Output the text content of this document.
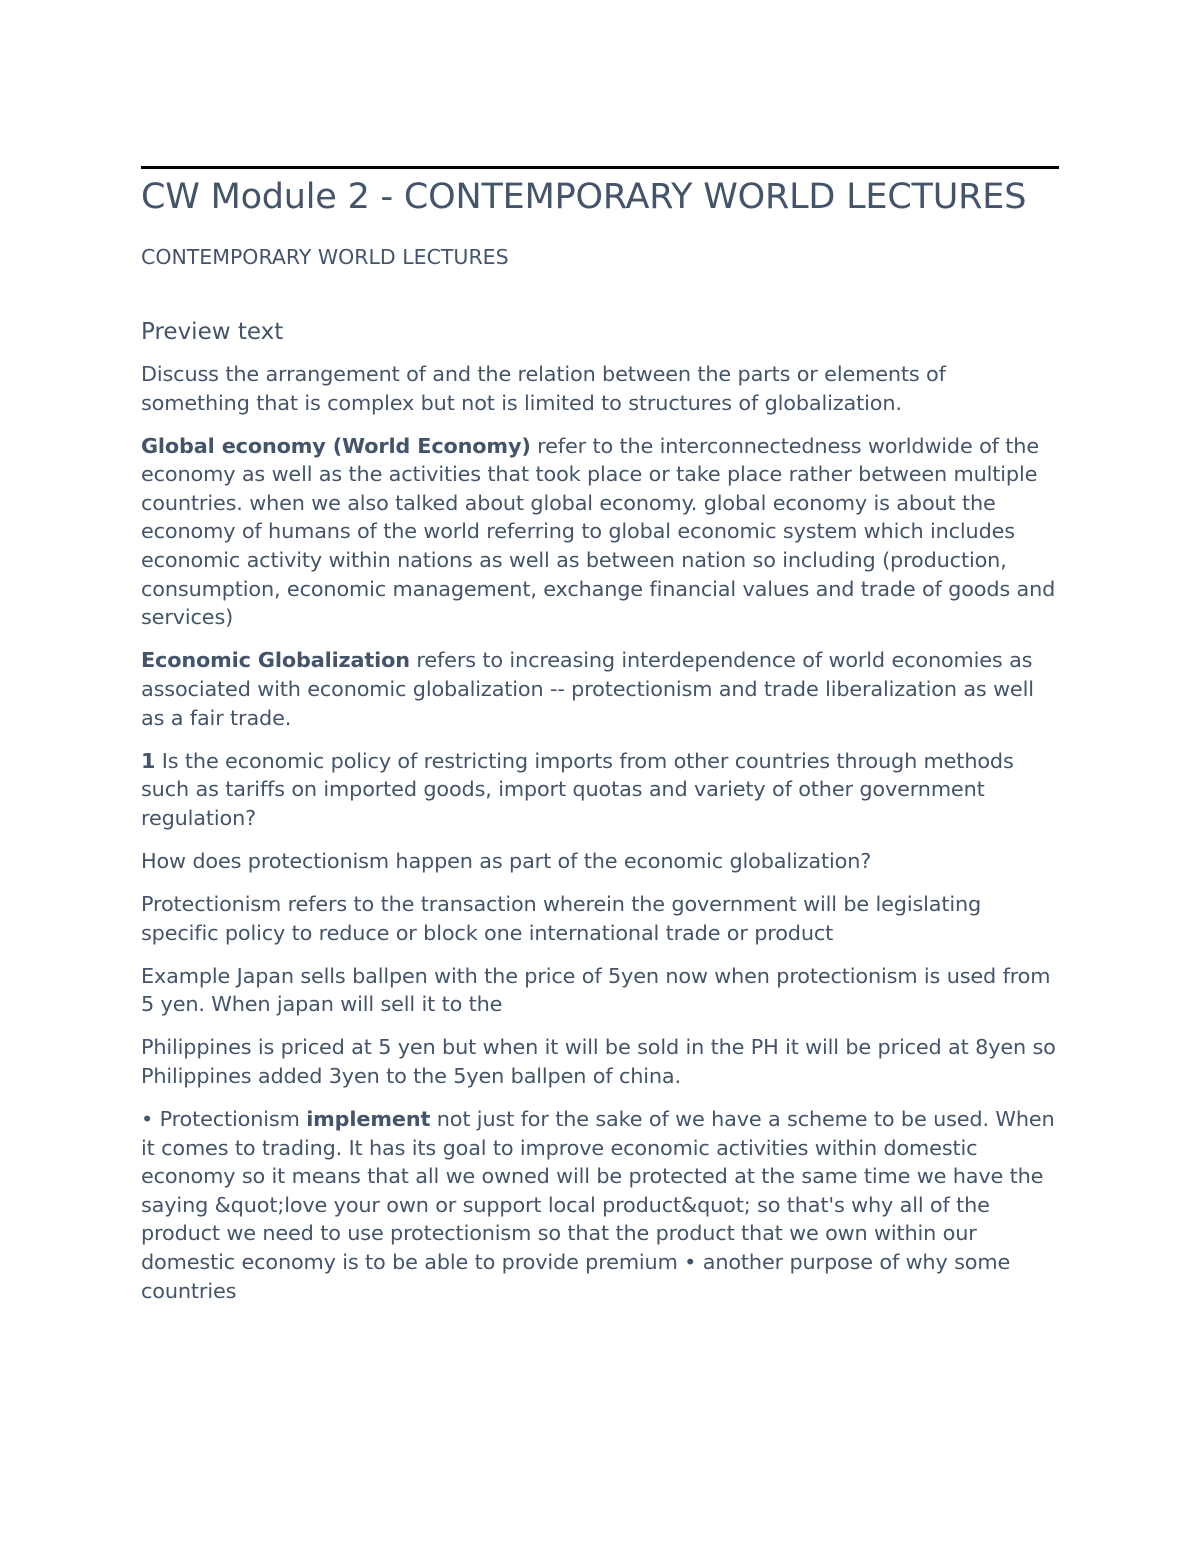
CW Module 2 - CONTEMPORARY WORLD LECTURES
CONTEMPORARY WORLD LECTURES
Preview text

Discuss the arrangement of and the relation between the parts or elements of something that is complex but not is limited to structures of globalization.

Global economy (World Economy) refer to the interconnectedness worldwide of the economy as well as the activities that took place or take place rather between multiple countries. when we also talked about global economy. global economy is about the economy of humans of the world referring to global economic system which includes economic activity within nations as well as between nation so including (production, consumption, economic management, exchange financial values and trade of goods and services)

Economic Globalization refers to increasing interdependence of world economies as associated with economic globalization -- protectionism and trade liberalization as well as a fair trade.

1 Is the economic policy of restricting imports from other countries through methods such as tariffs on imported goods, import quotas and variety of other government regulation?

How does protectionism happen as part of the economic globalization?

Protectionism refers to the transaction wherein the government will be legislating specific policy to reduce or block one international trade or product

Example Japan sells ballpen with the price of 5yen now when protectionism is used from 5 yen. When japan will sell it to the

Philippines is priced at 5 yen but when it will be sold in the PH it will be priced at 8yen so Philippines added 3yen to the 5yen ballpen of china.

• Protectionism implement not just for the sake of we have a scheme to be used. When it comes to trading. It has its goal to improve economic activities within domestic economy so it means that all we owned will be protected at the same time we have the saying &quot;love your own or support local product&quot; so that's why all of the product we need to use protectionism so that the product that we own within our domestic economy is to be able to provide premium • another purpose of why some countries
